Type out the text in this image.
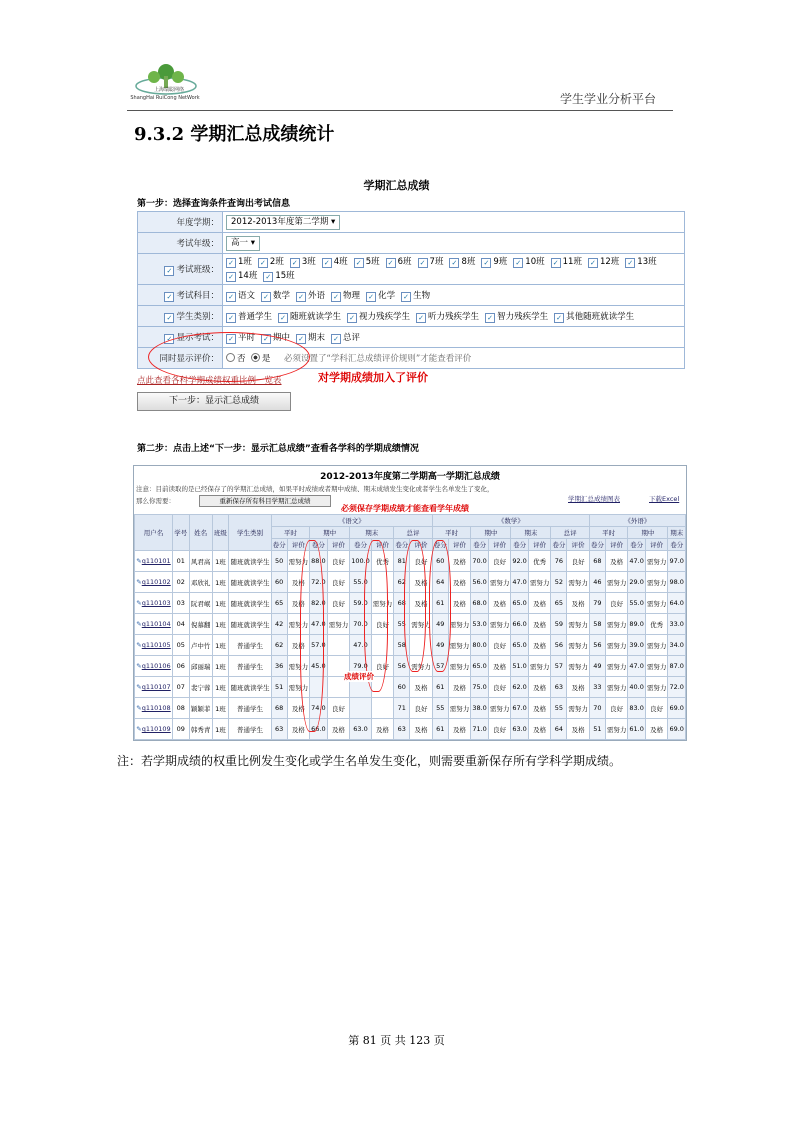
上海瑞聪网络
ShangHai RuiCong NetWork	学生学业分析平台
9.3.2 学期汇总成绩统计
学期汇总成绩
第一步：选择查询条件查询出考试信息
年度学期：	2012-2013年度第二学期 ▾
考试年级：	高一 ▾
✓ 考试班级：	✓ 1班 ✓ 2班 ✓ 3班 ✓ 4班 ✓ 5班 ✓ 6班 ✓ 7班 ✓ 8班 ✓ 9班 ✓ 10班 ✓ 11班 ✓ 12班 ✓ 13班✓ 14班 ✓ 15班
✓ 考试科目：	✓ 语文 ✓ 数学 ✓ 外语 ✓ 物理 ✓ 化学 ✓ 生物
✓ 学生类别：	✓ 普通学生 ✓ 随班就读学生 ✓ 视力残疾学生 ✓ 听力残疾学生 ✓ 智力残疾学生 ✓ 其他随班就读学生
✓ 显示考试：	✓ 平时 ✓ 期中 ✓ 期末 ✓ 总评
同时显示评价：	否 是 必须设置了“学科汇总成绩评价规则”才能查看评价
点此查看各科学期成绩权重比例一览表	对学期成绩加入了评价
下一步：显示汇总成绩
第二步：点击上述“下一步：显示汇总成绩”查看各学科的学期成绩情况
2012-2013年度第二学期高一学期汇总成绩
注意：目前读取的是已经保存了的学期汇总成绩，如果平时成绩或者期中成绩、期末成绩发生变化或者学生名单发生了变化，
那么你需要：	重新保存所有科目学期汇总成绩	学期汇总成绩图表	下载Excel
必须保存学期成绩才能查看学年成绩
用户名	学号	姓名	班级	学生类别	《语文》								《数学》								《外语》				
					平时		期中		期末		总评		平时		期中		期末		总评		平时		期中		期末
					卷分	评价	卷分	评价	卷分	评价	卷分	评价	卷分	评价	卷分	评价	卷分	评价	卷分	评价	卷分	评价	卷分	评价	卷分
✎q110101	01	风君高	1班	随班就读学生	50	需努力	88.0	良好	100.0	优秀	81	良好	60	及格	70.0	良好	92.0	优秀	76	良好	68	及格	47.0	需努力	97.0
✎q110102	02	邓欣礼	1班	随班就读学生	60	及格	72.0	良好	55.0		62	及格	64	及格	56.0	需努力	47.0	需努力	52	需努力	46	需努力	29.0	需努力	98.0
✎q110103	03	阮君岷	1班	随班就读学生	65	及格	82.0	良好	59.0	需努力	68	及格	61	及格	68.0	及格	65.0	及格	65	及格	79	良好	55.0	需努力	64.0
✎q110104	04	倪慕翻	1班	随班就读学生	42	需努力	47.0	需努力	70.0	良好	55	需努力	49	需努力	53.0	需努力	66.0	及格	59	需努力	58	需努力	89.0	优秀	33.0
✎q110105	05	卢中竹	1班	普通学生	62	及格	57.0		47.0		58		49	需努力	80.0	良好	65.0	及格	56	需努力	56	需努力	39.0	需努力	34.0
✎q110106	06	邱丽瑞	1班	普通学生	36	需努力	45.0		79.0	良好	56	需努力	57	需努力	65.0	及格	51.0	需努力	57	需努力	49	需努力	47.0	需努力	87.0
✎q110107	07	裴宁蓉	1班	随班就读学生	51	需努力					60	及格	61	及格	75.0	良好	62.0	及格	63	及格	33	需努力	40.0	需努力	72.0
✎q110108	08	颖颖菲	1班	普通学生	68	及格	74.0	良好			71	良好	55	需努力	38.0	需努力	67.0	及格	55	需努力	70	良好	83.0	良好	69.0
✎q110109	09	韩秀青	1班	普通学生	63	及格	66.0	及格	63.0	及格	63	及格	61	及格	71.0	良好	63.0	及格	64	及格	51	需努力	61.0	及格	69.0
成绩评价
注：若学期成绩的权重比例发生变化或学生名单发生变化，则需要重新保存所有学科学期成绩。
第 81 页 共 123 页
